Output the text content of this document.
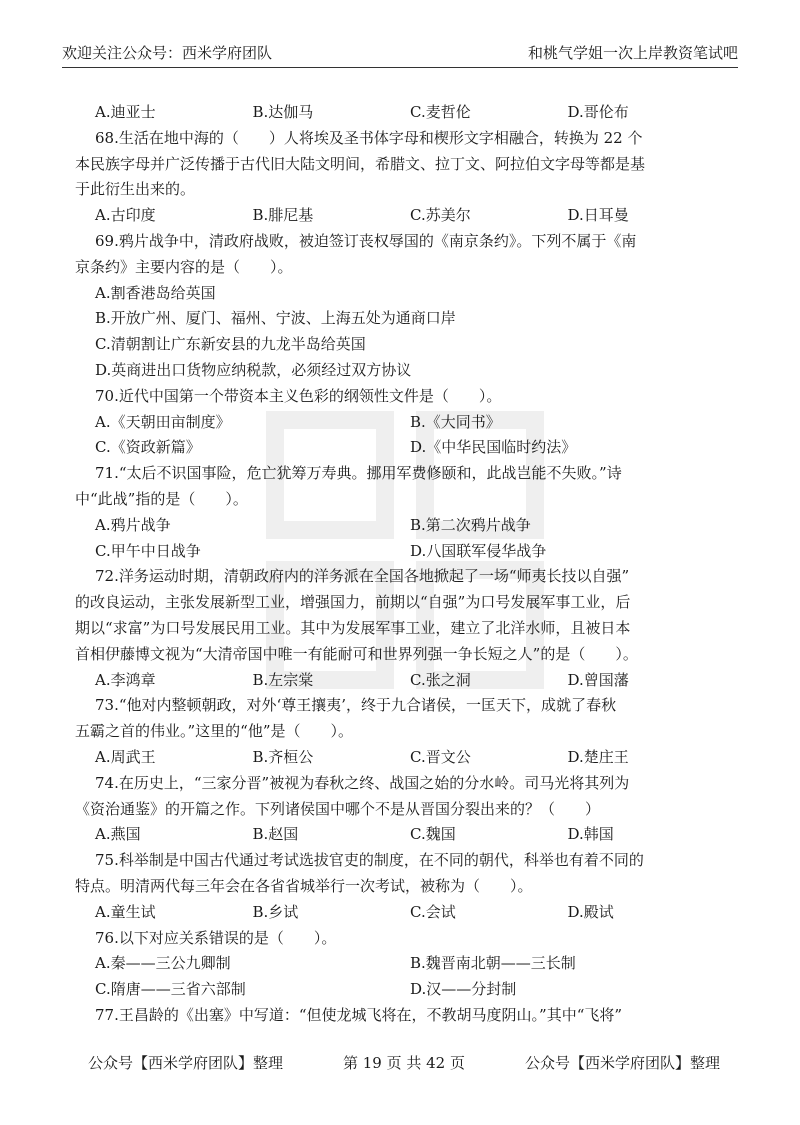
欢迎关注公众号：西米学府团队	和桃气学姐一次上岸教资笔试吧

A.迪亚士	B.达伽马	C.麦哲伦	D.哥伦布

68.生活在地中海的（　　）人将埃及圣书体字母和楔形文字相融合，转换为 22 个

本民族字母并广泛传播于古代旧大陆文明间，希腊文、拉丁文、阿拉伯文字母等都是基

于此衍生出来的。

A.古印度	B.腓尼基	C.苏美尔	D.日耳曼

69.鸦片战争中，清政府战败，被迫签订丧权辱国的《南京条约》。下列不属于《南

京条约》主要内容的是（　　）。

A.割香港岛给英国

B.开放广州、厦门、福州、宁波、上海五处为通商口岸

C.清朝割让广东新安县的九龙半岛给英国

D.英商进出口货物应纳税款，必须经过双方协议

70.近代中国第一个带资本主义色彩的纲领性文件是（　　）。

A.《天朝田亩制度》	B.《大同书》

C.《资政新篇》	D.《中华民国临时约法》

71.“太后不识国事险，危亡犹筹万寿典。挪用军费修颐和，此战岂能不失败。”诗

中“此战”指的是（　　）。

A.鸦片战争	B.第二次鸦片战争

C.甲午中日战争	D.八国联军侵华战争

72.洋务运动时期，清朝政府内的洋务派在全国各地掀起了一场“师夷长技以自强”

的改良运动，主张发展新型工业，增强国力，前期以“自强”为口号发展军事工业，后

期以“求富”为口号发展民用工业。其中为发展军事工业，建立了北洋水师，且被日本

首相伊藤博文视为“大清帝国中唯一有能耐可和世界列强一争长短之人”的是（　　）。

A.李鸿章	B.左宗棠	C.张之洞	D.曾国藩

73.“他对内整顿朝政，对外‘尊王攘夷’，终于九合诸侯，一匡天下，成就了春秋

五霸之首的伟业。”这里的“他”是（　　）。

A.周武王	B.齐桓公	C.晋文公	D.楚庄王

74.在历史上，“三家分晋”被视为春秋之终、战国之始的分水岭。司马光将其列为

《资治通鉴》的开篇之作。下列诸侯国中哪个不是从晋国分裂出来的？（　　）

A.燕国	B.赵国	C.魏国	D.韩国

75.科举制是中国古代通过考试选拔官吏的制度，在不同的朝代，科举也有着不同的

特点。明清两代每三年会在各省省城举行一次考试，被称为（　　）。

A.童生试	B.乡试	C.会试	D.殿试

76.以下对应关系错误的是（　　）。

A.秦——三公九卿制	B.魏晋南北朝——三长制

C.隋唐——三省六部制	D.汉——分封制

77.王昌龄的《出塞》中写道：“但使龙城飞将在，不教胡马度阴山。”其中“飞将”

公众号【西米学府团队】整理	第 19 页 共 42 页	公众号【西米学府团队】整理
